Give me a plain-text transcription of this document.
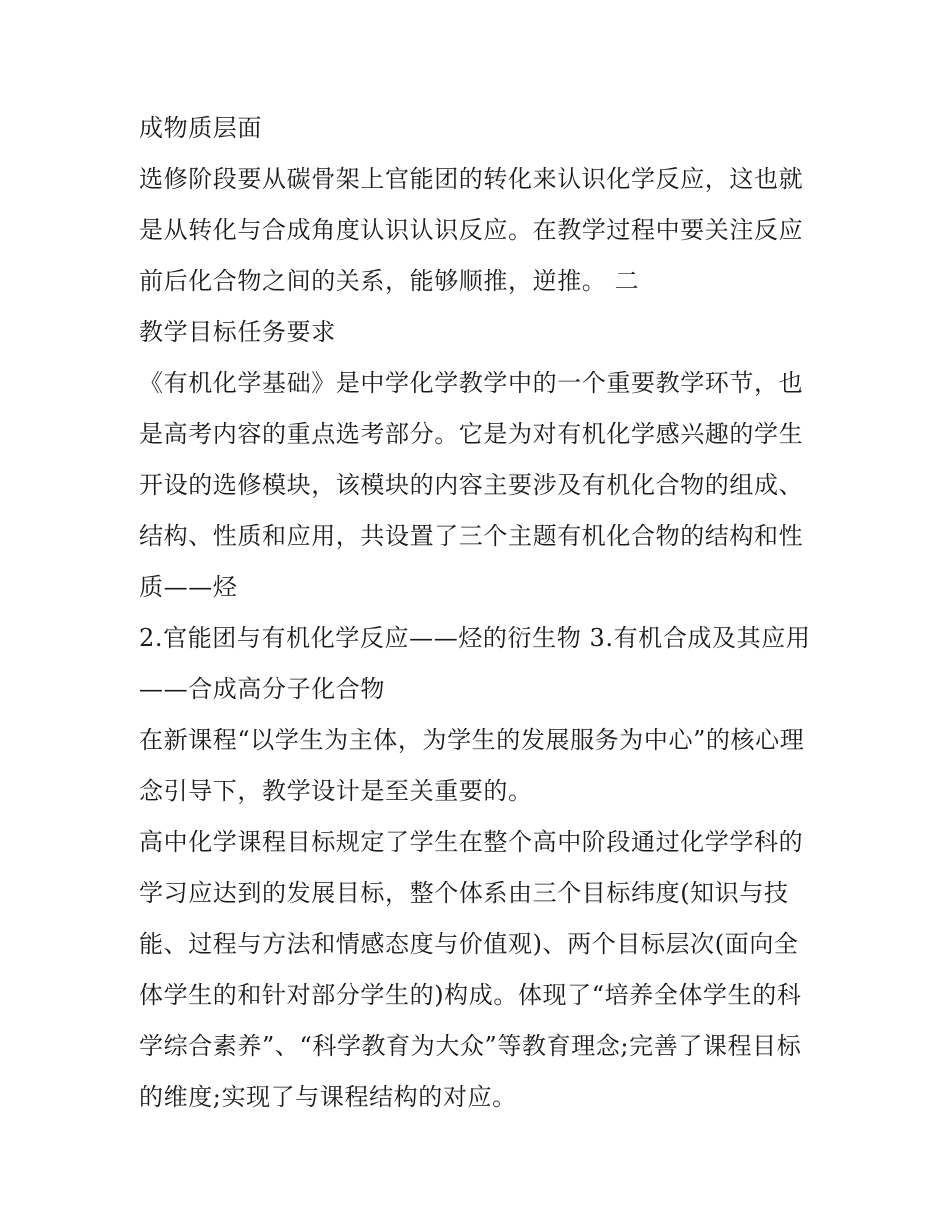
成物质层面

选修阶段要从碳骨架上官能团的转化来认识化学反应，这也就是从转化与合成角度认识认识反应。在教学过程中要关注反应前后化合物之间的关系，能够顺推，逆推。 二

教学目标任务要求

《有机化学基础》是中学化学教学中的一个重要教学环节，也是高考内容的重点选考部分。它是为对有机化学感兴趣的学生开设的选修模块，该模块的内容主要涉及有机化合物的组成、结构、性质和应用，共设置了三个主题有机化合物的结构和性质——烃

2.官能团与有机化学反应——烃的衍生物 3.有机合成及其应用——合成高分子化合物

在新课程“以学生为主体，为学生的发展服务为中心”的核心理念引导下，教学设计是至关重要的。

高中化学课程目标规定了学生在整个高中阶段通过化学学科的学习应达到的发展目标，整个体系由三个目标纬度(知识与技能、过程与方法和情感态度与价值观)、两个目标层次(面向全体学生的和针对部分学生的)构成。体现了“培养全体学生的科学综合素养”、“科学教育为大众”等教育理念;完善了课程目标的维度;实现了与课程结构的对应。
